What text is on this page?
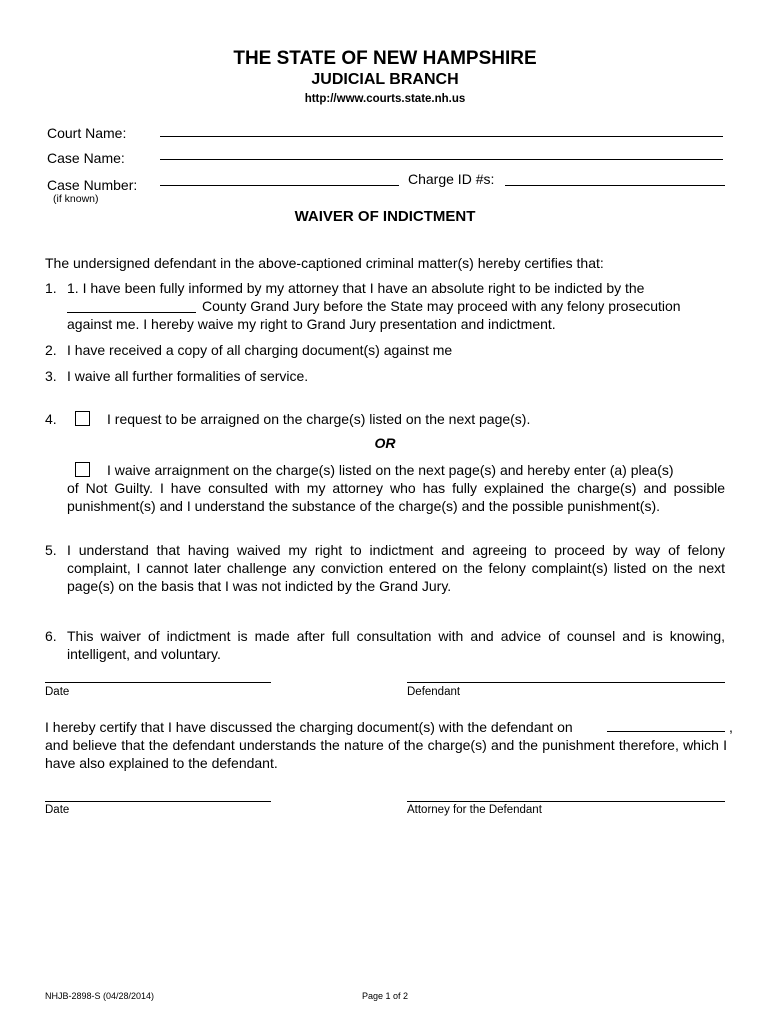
THE STATE OF NEW HAMPSHIRE
JUDICIAL BRANCH
http://www.courts.state.nh.us
Court Name:
Case Name:
Case Number:
(if known)
Charge ID #s:
WAIVER OF INDICTMENT
The undersigned defendant in the above-captioned criminal matter(s) hereby certifies that:
1. 1. I have been fully informed by my attorney that I have an absolute right to be indicted by the
County Grand Jury before the State may proceed with any felony prosecution
against me. I hereby waive my right to Grand Jury presentation and indictment.
2. I have received a copy of all charging document(s) against me
3. I waive all further formalities of service.
4.	I request to be arraigned on the charge(s) listed on the next page(s).
OR
I waive arraignment on the charge(s) listed on the next page(s) and hereby enter (a) plea(s)
of Not Guilty. I have consulted with my attorney who has fully explained the charge(s) and possible punishment(s) and I understand the substance of the charge(s) and the possible punishment(s).
5. I understand that having waived my right to indictment and agreeing to proceed by way of felony complaint, I cannot later challenge any conviction entered on the felony complaint(s) listed on the next page(s) on the basis that I was not indicted by the Grand Jury.
6. This waiver of indictment is made after full consultation with and advice of counsel and is knowing, intelligent, and voluntary.
Date	Defendant
I hereby certify that I have discussed the charging document(s) with the defendant on	,
and believe that the defendant understands the nature of the charge(s) and the punishment therefore, which I have also explained to the defendant.
Date	Attorney for the Defendant
NHJB-2898-S (04/28/2014)	Page 1 of 2
